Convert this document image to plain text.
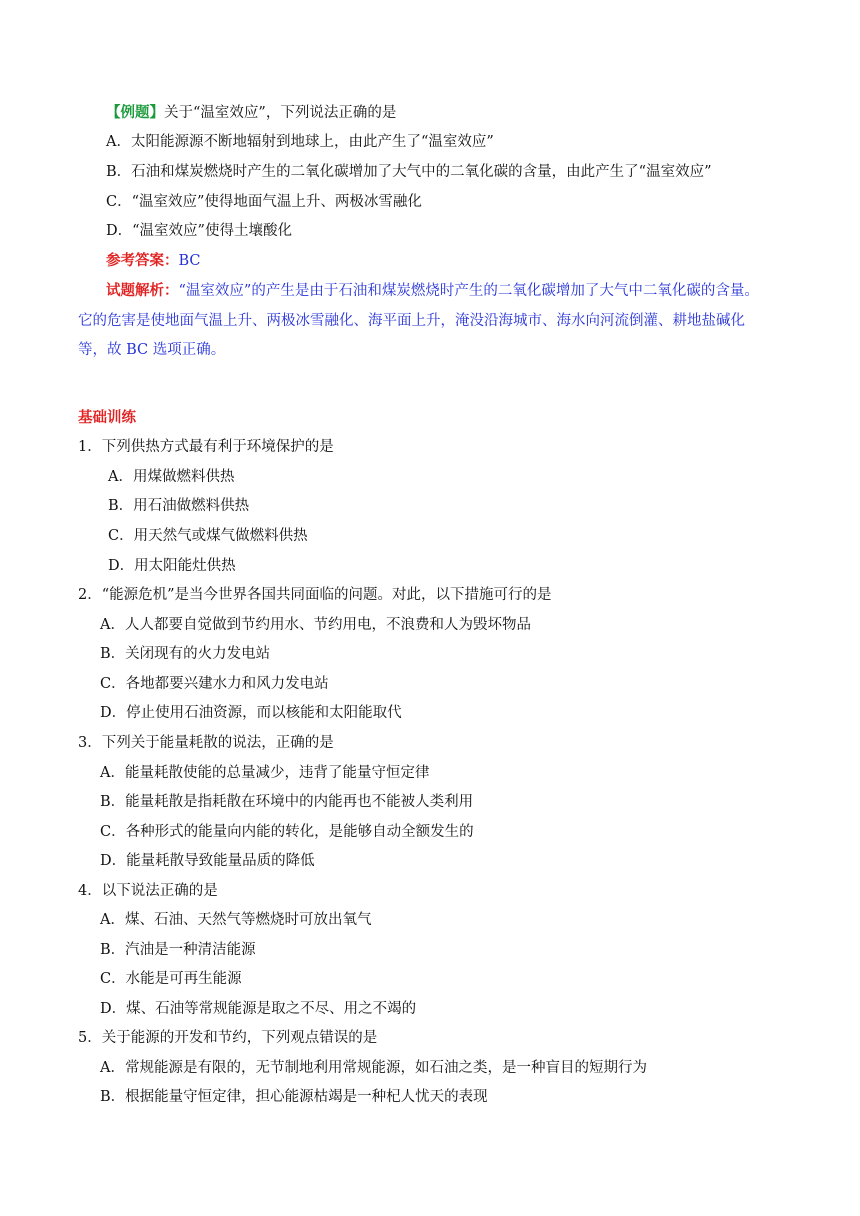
【例题】关于“温室效应”，下列说法正确的是
A．太阳能源源不断地辐射到地球上，由此产生了“温室效应”
B．石油和煤炭燃烧时产生的二氧化碳增加了大气中的二氧化碳的含量，由此产生了“温室效应”
C．“温室效应”使得地面气温上升、两极冰雪融化
D．“温室效应”使得土壤酸化
参考答案：BC
试题解析：“温室效应”的产生是由于石油和煤炭燃烧时产生的二氧化碳增加了大气中二氧化碳的含量。
它的危害是使地面气温上升、两极冰雪融化、海平面上升，淹没沿海城市、海水向河流倒灌、耕地盐碱化
等，故 BC 选项正确。
基础训练
1．下列供热方式最有利于环境保护的是
A．用煤做燃料供热
B．用石油做燃料供热
C．用天然气或煤气做燃料供热
D．用太阳能灶供热
2．“能源危机”是当今世界各国共同面临的问题。对此，以下措施可行的是
A．人人都要自觉做到节约用水、节约用电，不浪费和人为毁坏物品
B．关闭现有的火力发电站
C．各地都要兴建水力和风力发电站
D．停止使用石油资源，而以核能和太阳能取代
3．下列关于能量耗散的说法，正确的是
A．能量耗散使能的总量减少，违背了能量守恒定律
B．能量耗散是指耗散在环境中的内能再也不能被人类利用
C．各种形式的能量向内能的转化，是能够自动全额发生的
D．能量耗散导致能量品质的降低
4．以下说法正确的是
A．煤、石油、天然气等燃烧时可放出氧气
B．汽油是一种清洁能源
C．水能是可再生能源
D．煤、石油等常规能源是取之不尽、用之不竭的
5．关于能源的开发和节约，下列观点错误的是
A．常规能源是有限的，无节制地利用常规能源，如石油之类，是一种盲目的短期行为
B．根据能量守恒定律，担心能源枯竭是一种杞人忧天的表现
